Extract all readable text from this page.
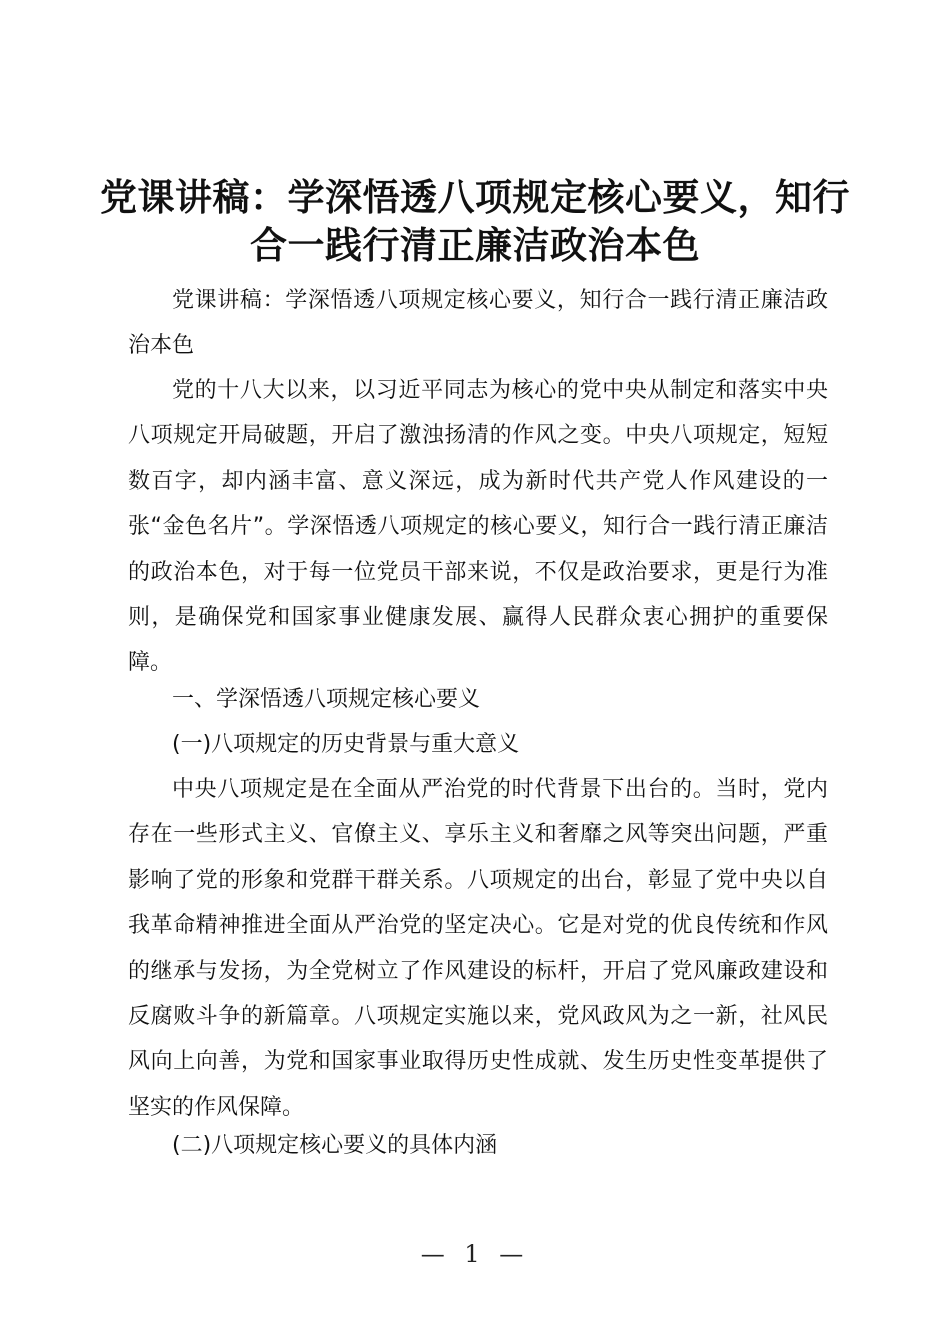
党课讲稿：学深悟透八项规定核心要义，知行
合一践行清正廉洁政治本色

党课讲稿：学深悟透八项规定核心要义，知行合一践行清正廉洁政治本色

党的十八大以来，以习近平同志为核心的党中央从制定和落实中央八项规定开局破题，开启了激浊扬清的作风之变。中央八项规定，短短数百字，却内涵丰富、意义深远，成为新时代共产党人作风建设的一张“金色名片”。学深悟透八项规定的核心要义，知行合一践行清正廉洁的政治本色，对于每一位党员干部来说，不仅是政治要求，更是行为准则，是确保党和国家事业健康发展、赢得人民群众衷心拥护的重要保障。

一、学深悟透八项规定核心要义

(一)八项规定的历史背景与重大意义

中央八项规定是在全面从严治党的时代背景下出台的。当时，党内存在一些形式主义、官僚主义、享乐主义和奢靡之风等突出问题，严重影响了党的形象和党群干群关系。八项规定的出台，彰显了党中央以自我革命精神推进全面从严治党的坚定决心。它是对党的优良传统和作风的继承与发扬，为全党树立了作风建设的标杆，开启了党风廉政建设和反腐败斗争的新篇章。八项规定实施以来，党风政风为之一新，社风民风向上向善，为党和国家事业取得历史性成就、发生历史性变革提供了坚实的作风保障。

(二)八项规定核心要义的具体内涵

— 1 —
